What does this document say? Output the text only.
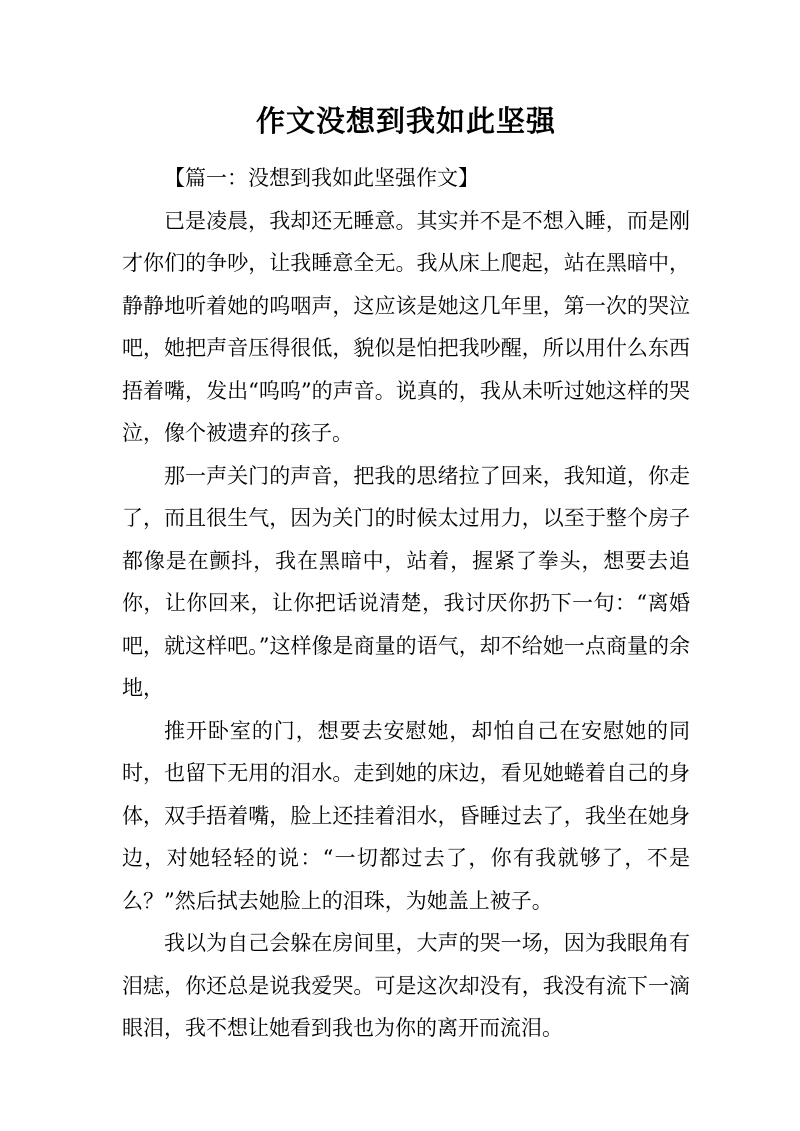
作文没想到我如此坚强

【篇一：没想到我如此坚强作文】

已是凌晨，我却还无睡意。其实并不是不想入睡，而是刚才你们的争吵，让我睡意全无。我从床上爬起，站在黑暗中，静静地听着她的呜咽声，这应该是她这几年里，第一次的哭泣吧，她把声音压得很低，貌似是怕把我吵醒，所以用什么东西捂着嘴，发出“呜呜”的声音。说真的，我从未听过她这样的哭泣，像个被遗弃的孩子。

那一声关门的声音，把我的思绪拉了回来，我知道，你走了，而且很生气，因为关门的时候太过用力，以至于整个房子都像是在颤抖，我在黑暗中，站着，握紧了拳头，想要去追你，让你回来，让你把话说清楚，我讨厌你扔下一句：“离婚吧，就这样吧。”这样像是商量的语气，却不给她一点商量的余地，

推开卧室的门，想要去安慰她，却怕自己在安慰她的同时，也留下无用的泪水。走到她的床边，看见她蜷着自己的身体，双手捂着嘴，脸上还挂着泪水，昏睡过去了，我坐在她身边，对她轻轻的说：“一切都过去了，你有我就够了，不是么？”然后拭去她脸上的泪珠，为她盖上被子。

我以为自己会躲在房间里，大声的哭一场，因为我眼角有泪痣，你还总是说我爱哭。可是这次却没有，我没有流下一滴眼泪，我不想让她看到我也为你的离开而流泪。
